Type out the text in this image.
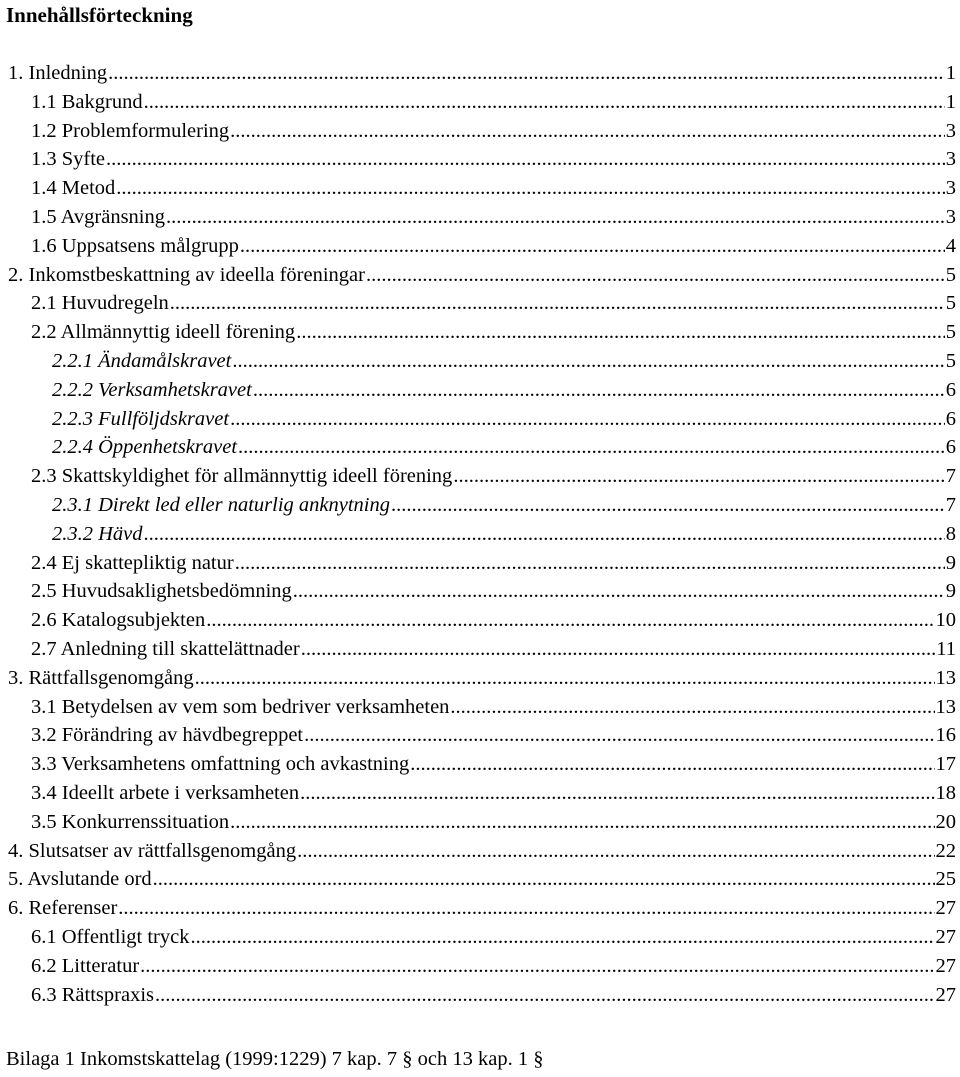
Innehållsförteckning
1. Inledning .....	1
1.1 Bakgrund .....	1
1.2 Problemformulering .....	3
1.3 Syfte .....	3
1.4 Metod .....	3
1.5 Avgränsning .....	3
1.6 Uppsatsens målgrupp .....	4
2. Inkomstbeskattning av ideella föreningar .....	5
2.1 Huvudregeln .....	5
2.2 Allmännyttig ideell förening .....	5
2.2.1 Ändamålskravet .....	5
2.2.2 Verksamhetskravet .....	6
2.2.3 Fullföljdskravet .....	6
2.2.4 Öppenhetskravet .....	6
2.3 Skattskyldighet för allmännyttig ideell förening .....	7
2.3.1 Direkt led eller naturlig anknytning .....	7
2.3.2 Hävd .....	8
2.4 Ej skattepliktig natur .....	9
2.5 Huvudsaklighetsbedömning .....	9
2.6 Katalogsubjekten .....	10
2.7 Anledning till skattelättnader .....	11
3. Rättfallsgenomgång .....	13
3.1 Betydelsen av vem som bedriver verksamheten .....	13
3.2 Förändring av hävdbegreppet .....	16
3.3 Verksamhetens omfattning och avkastning .....	17
3.4 Ideellt arbete i verksamheten .....	18
3.5 Konkurrenssituation .....	20
4. Slutsatser av rättfallsgenomgång .....	22
5. Avslutande ord .....	25
6. Referenser .....	27
6.1 Offentligt tryck .....	27
6.2 Litteratur .....	27
6.3 Rättspraxis .....	27

Bilaga 1 Inkomstskattelag (1999:1229) 7 kap. 7 § och 13 kap. 1 §
